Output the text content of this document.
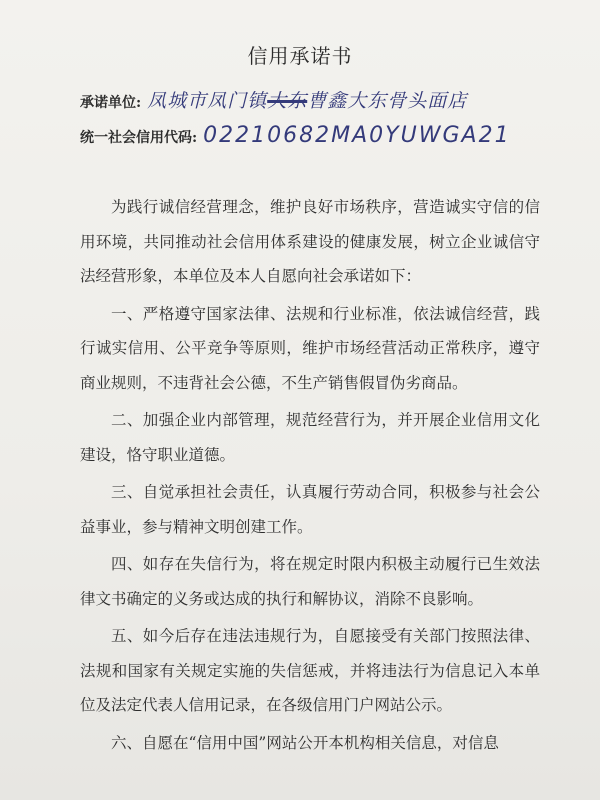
信用承诺书
承诺单位: 凤城市凤门镇大东曹鑫大东骨头面店
统一社会信用代码: 02210682MA0YUWGA21

为践行诚信经营理念，维护良好市场秩序，营造诚实守信的信用环境，共同推动社会信用体系建设的健康发展，树立企业诚信守法经营形象，本单位及本人自愿向社会承诺如下：

一、严格遵守国家法律、法规和行业标准，依法诚信经营，践行诚实信用、公平竞争等原则，维护市场经营活动正常秩序，遵守商业规则，不违背社会公德，不生产销售假冒伪劣商品。

二、加强企业内部管理，规范经营行为，并开展企业信用文化建设，恪守职业道德。

三、自觉承担社会责任，认真履行劳动合同，积极参与社会公益事业，参与精神文明创建工作。

四、如存在失信行为，将在规定时限内积极主动履行已生效法律文书确定的义务或达成的执行和解协议，消除不良影响。

五、如今后存在违法违规行为，自愿接受有关部门按照法律、法规和国家有关规定实施的失信惩戒，并将违法行为信息记入本单位及法定代表人信用记录，在各级信用门户网站公示。

六、自愿在“信用中国”网站公开本机构相关信息，对信息
